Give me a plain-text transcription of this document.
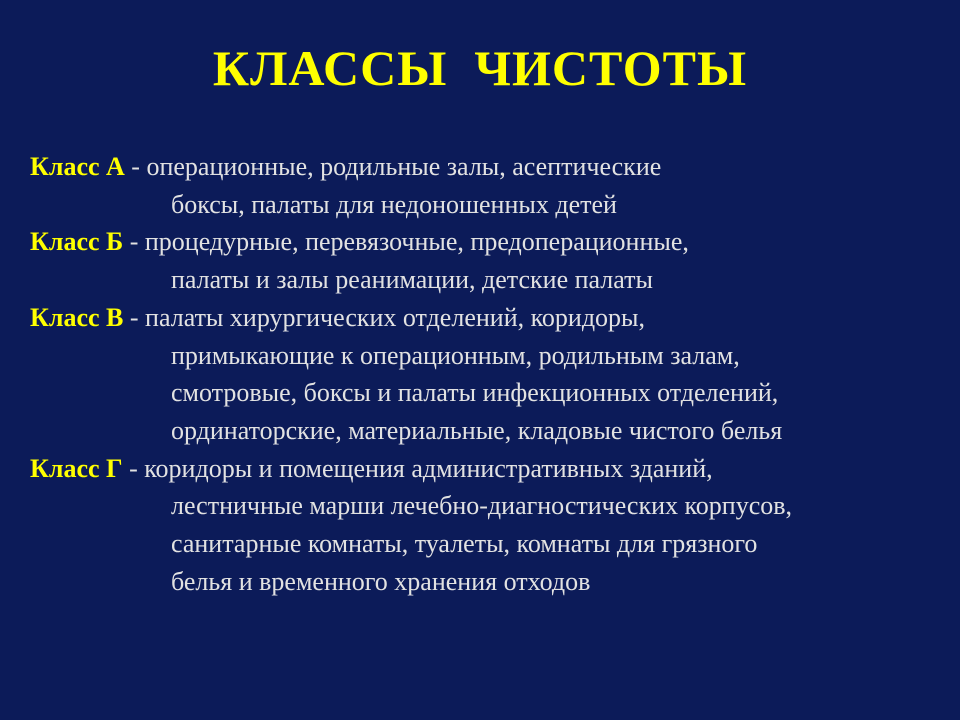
КЛАССЫ  ЧИСТОТЫ
Класс А - операционные, родильные залы, асептические
боксы, палаты для недоношенных детей
Класс Б - процедурные, перевязочные, предоперационные,
палаты и залы реанимации, детские палаты
Класс В - палаты хирургических отделений, коридоры,
примыкающие к операционным, родильным залам,
смотровые, боксы и палаты инфекционных отделений,
ординаторские, материальные, кладовые чистого белья
Класс Г - коридоры и помещения административных зданий,
лестничные марши лечебно-диагностических корпусов,
санитарные комнаты, туалеты, комнаты для грязного
белья и временного хранения отходов
